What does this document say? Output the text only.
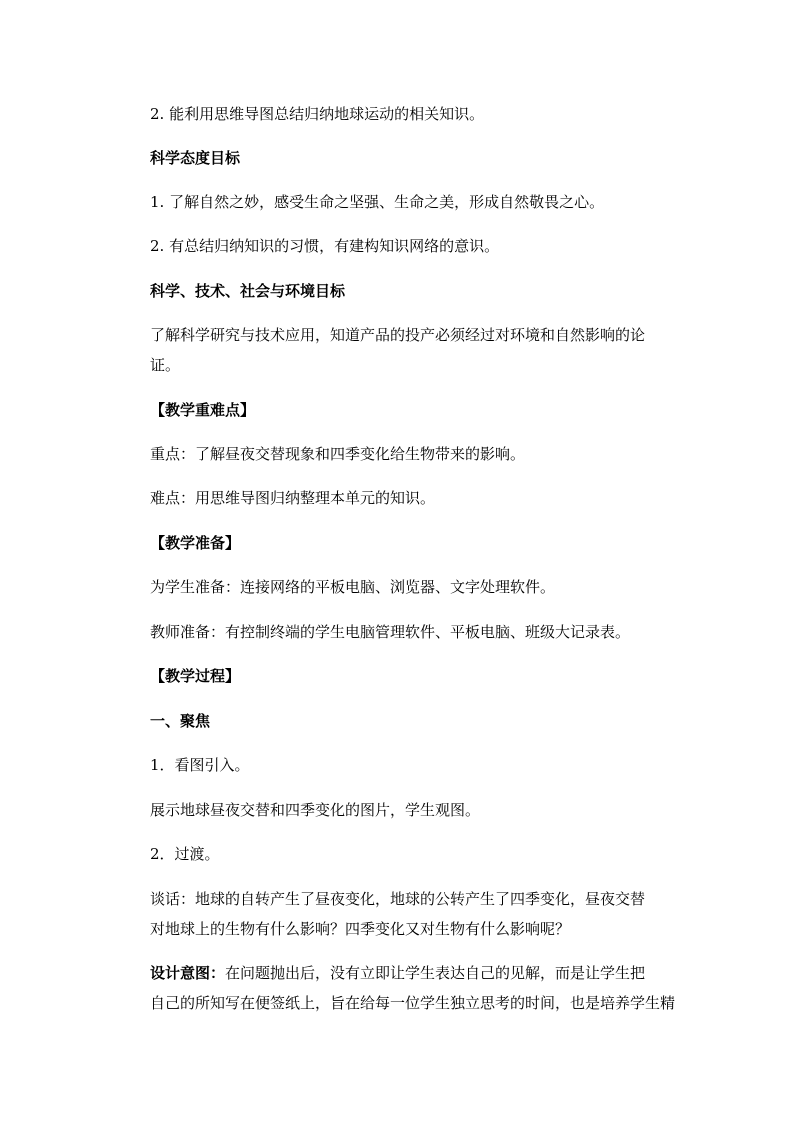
2. 能利用思维导图总结归纳地球运动的相关知识。

科学态度目标

1. 了解自然之妙，感受生命之坚强、生命之美，形成自然敬畏之心。

2. 有总结归纳知识的习惯，有建构知识网络的意识。

科学、技术、社会与环境目标

了解科学研究与技术应用，知道产品的投产必须经过对环境和自然影响的论

证。

【教学重难点】

重点：了解昼夜交替现象和四季变化给生物带来的影响。

难点：用思维导图归纳整理本单元的知识。

【教学准备】

为学生准备：连接网络的平板电脑、浏览器、文字处理软件。

教师准备：有控制终端的学生电脑管理软件、平板电脑、班级大记录表。

【教学过程】

一、聚焦

1．看图引入。

展示地球昼夜交替和四季变化的图片，学生观图。

2．过渡。

谈话：地球的自转产生了昼夜变化，地球的公转产生了四季变化，昼夜交替

对地球上的生物有什么影响？四季变化又对生物有什么影响呢？

设计意图：在问题抛出后，没有立即让学生表达自己的见解，而是让学生把

自己的所知写在便签纸上，旨在给每一位学生独立思考的时间，也是培养学生精
